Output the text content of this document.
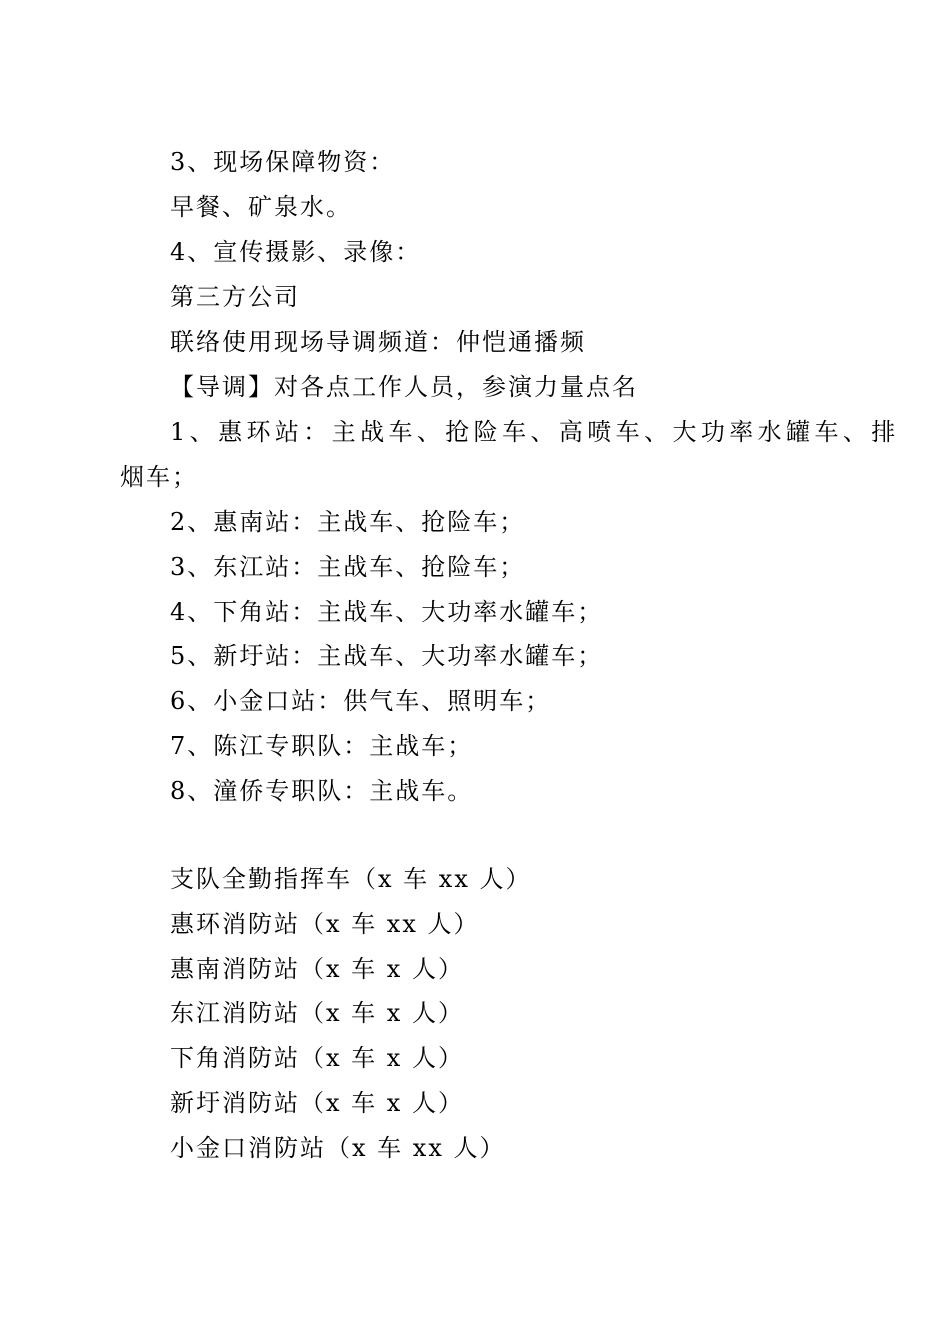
3、现场保障物资：
早餐、矿泉水。
4、宣传摄影、录像：
第三方公司
联络使用现场导调频道：仲恺通播频
【导调】对各点工作人员，参演力量点名
1、惠环站：主战车、抢险车、高喷车、大功率水罐车、排
烟车；
2、惠南站：主战车、抢险车；
3、东江站：主战车、抢险车；
4、下角站：主战车、大功率水罐车；
5、新圩站：主战车、大功率水罐车；
6、小金口站：供气车、照明车；
7、陈江专职队：主战车；
8、潼侨专职队：主战车。
支队全勤指挥车（x 车 xx 人）
惠环消防站（x 车 xx 人）
惠南消防站（x 车 x 人）
东江消防站（x 车 x 人）
下角消防站（x 车 x 人）
新圩消防站（x 车 x 人）
小金口消防站（x 车 xx 人）
